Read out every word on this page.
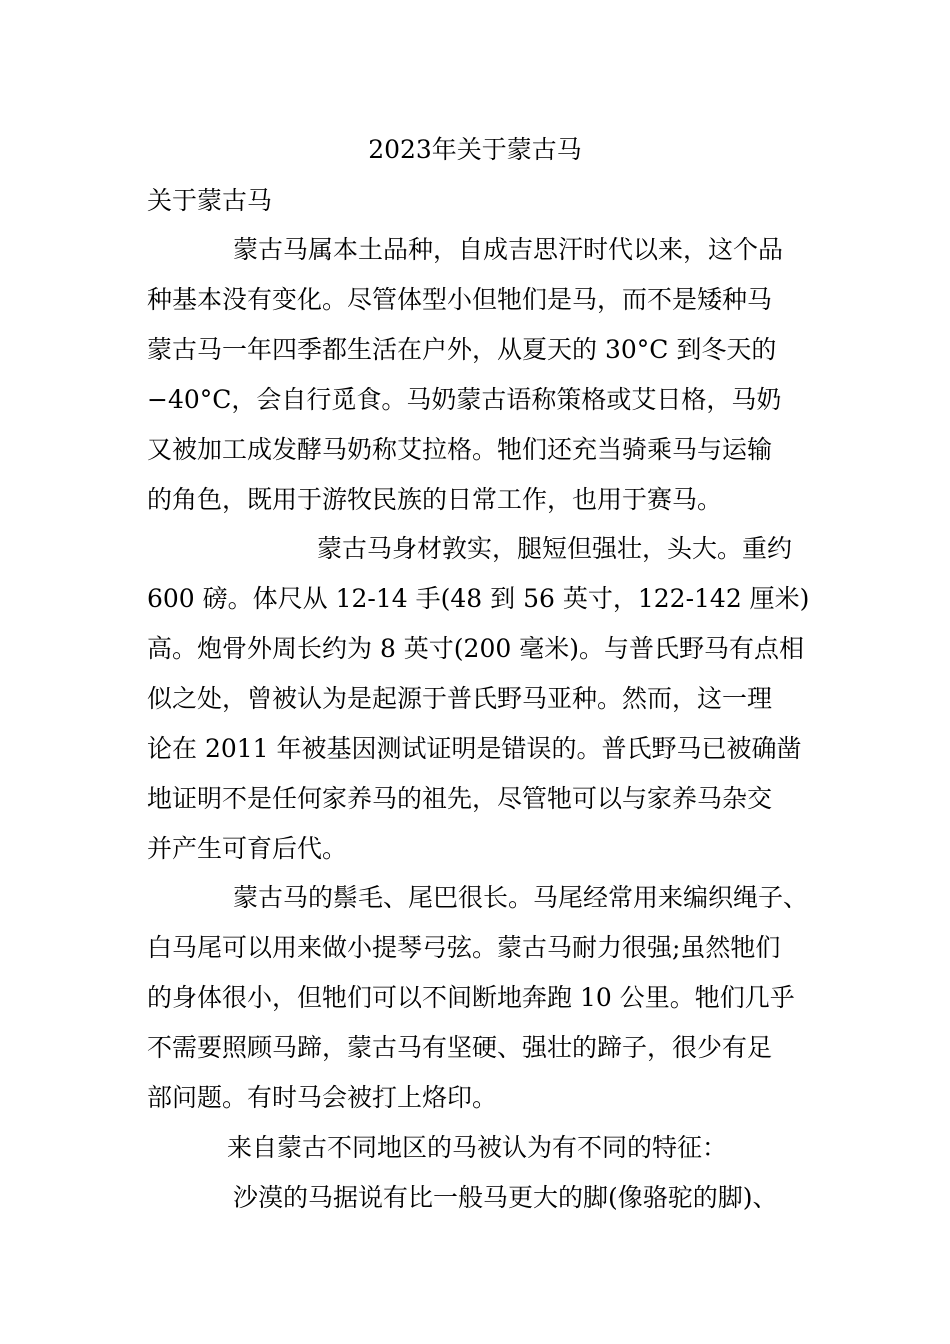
2023年关于蒙古马
关于蒙古马
蒙古马属本土品种，自成吉思汗时代以来，这个品
种基本没有变化。尽管体型小但牠们是马，而不是矮种马
蒙古马一年四季都生活在户外，从夏天的 30°C 到冬天的
−40°C，会自行觅食。马奶蒙古语称策格或艾日格，马奶
又被加工成发酵马奶称艾拉格。牠们还充当骑乘马与运输
的角色，既用于游牧民族的日常工作，也用于赛马。
蒙古马身材敦实，腿短但强壮，头大。重约
600 磅。体尺从 12-14 手(48 到 56 英寸，122-142 厘米)
高。炮骨外周长约为 8 英寸(200 毫米)。与普氏野马有点相
似之处，曾被认为是起源于普氏野马亚种。然而，这一理
论在 2011 年被基因测试证明是错误的。普氏野马已被确凿
地证明不是任何家养马的祖先，尽管牠可以与家养马杂交
并产生可育后代。
蒙古马的鬃毛、尾巴很长。马尾经常用来编织绳子、
白马尾可以用来做小提琴弓弦。蒙古马耐力很强;虽然牠们
的身体很小，但牠们可以不间断地奔跑 10 公里。牠们几乎
不需要照顾马蹄，蒙古马有坚硬、强壮的蹄子，很少有足
部问题。有时马会被打上烙印。
来自蒙古不同地区的马被认为有不同的特征：
沙漠的马据说有比一般马更大的脚(像骆驼的脚)、
